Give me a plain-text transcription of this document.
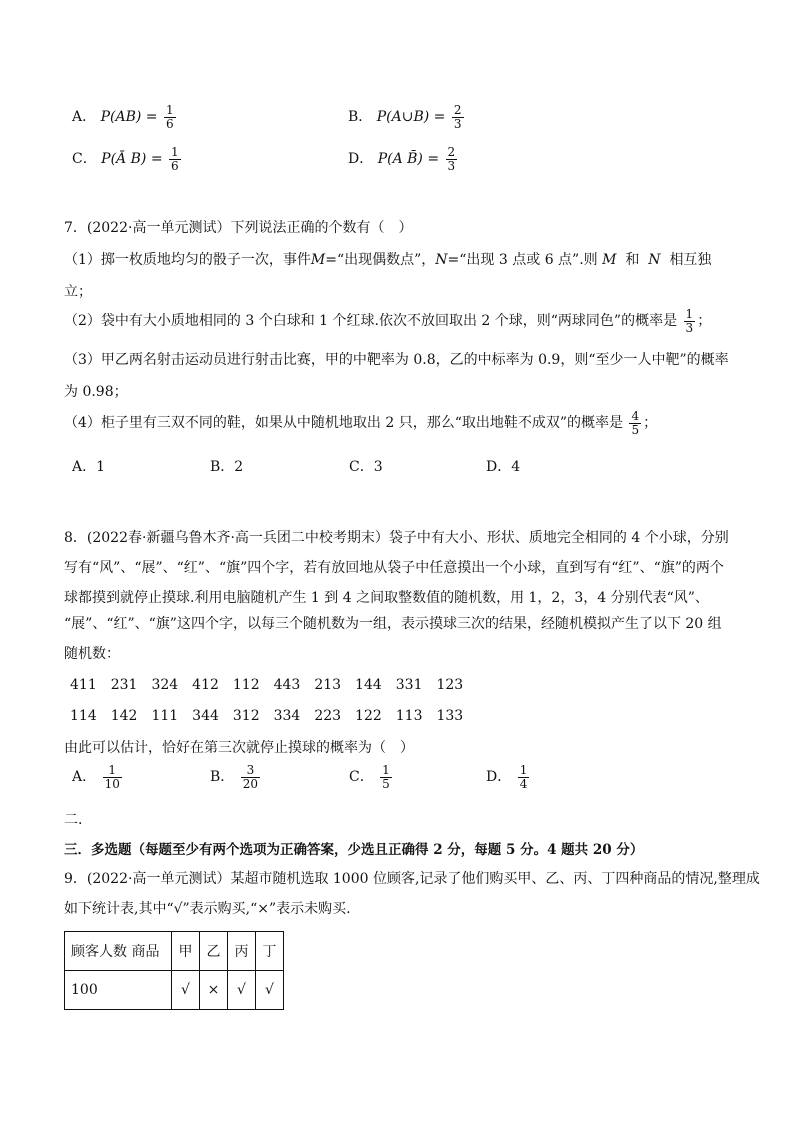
A． $P(AB) = \frac{1}{6}$	B． P(A∪B) = $\frac{2}{3}$
C． P(Ā $B) = \frac{1}{6}$	D． P(A B̄) = $\frac{2}{3}$
7．(2022·高一单元测试）下列说法正确的个数有（　）
（1）掷一枚质地均匀的骰子一次，事件M=“出现偶数点”，N=“出现 3 点或 6 点”.则 M 和 N 相互独
立；
（2）袋中有大小质地相同的 3 个白球和 1 个红球.依次不放回取出 2 个球，则“两球同色”的概率是 $\frac{1}{3}$ ；
（3）甲乙两名射击运动员进行射击比赛，甲的中靶率为 0.8，乙的中标率为 0.9，则“至少一人中靶”的概率
为 0.98；
（4）柜子里有三双不同的鞋，如果从中随机地取出 2 只，那么“取出地鞋不成双”的概率是 $\frac{4}{5}$ ；
A．1	B．2	C．3	D．4
8．(2022春·新疆乌鲁木齐·高一兵团二中校考期末）袋子中有大小、形状、质地完全相同的 4 个小球，分别
写有“风”、“展”、“红”、“旗”四个字，若有放回地从袋子中任意摸出一个小球，直到写有“红”、“旗”的两个
球都摸到就停止摸球.利用电脑随机产生 1 到 4 之间取整数值的随机数，用 1，2，3，4 分别代表“风”、
“展”、“红”、“旗”这四个字，以每三个随机数为一组，表示摸球三次的结果，经随机模拟产生了以下 20 组
随机数：
411　231　324　412　112　443　213　144　331　123
114　142　111　344　312　334　223　122　113　133
由此可以估计，恰好在第三次就停止摸球的概率为（　）
A． $\frac{1}{10}$	B． $\frac{3}{20}$	C． $\frac{1}{5}$	D． $\frac{1}{4}$
二.
三．多选题（每题至少有两个选项为正确答案，少选且正确得 2 分，每题 5 分。4 题共 20 分）
9．(2022·高一单元测试）某超市随机选取 1000 位顾客,记录了他们购买甲、乙、丙、丁四种商品的情况,整理成
如下统计表,其中“√”表示购买,“×”表示未购买.
顾客人数 商品	甲	乙	丙	丁
100	√	×	√	√
